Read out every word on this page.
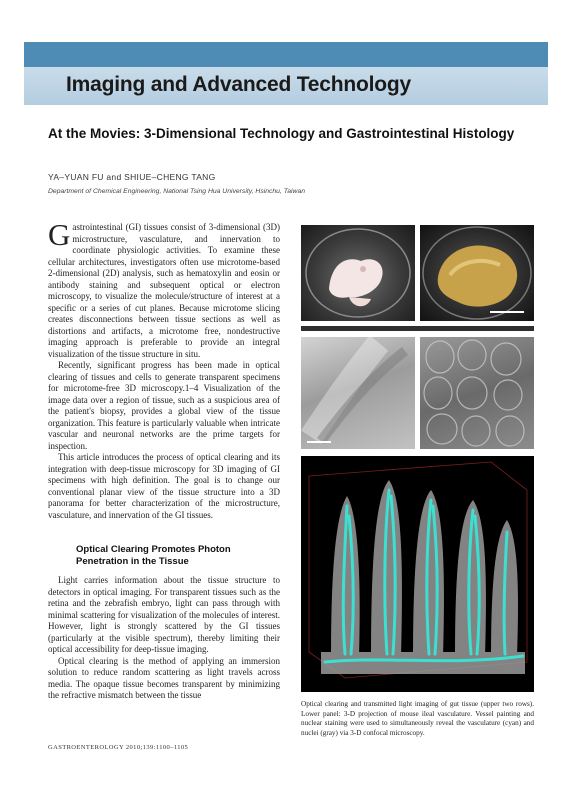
Imaging and Advanced Technology
At the Movies: 3-Dimensional Technology and Gastrointestinal Histology
YA–YUAN FU and SHIUE–CHENG TANG
Department of Chemical Engineering, National Tsing Hua University, Hsinchu, Taiwan

Gastrointestinal (GI) tissues consist of 3-dimensional (3D) microstructure, vasculature, and innervation to coordinate physiologic activities. To examine these cellular architectures, investigators often use microtome-based 2-dimensional (2D) analysis, such as hematoxylin and eosin or antibody staining and subsequent optical or electron microscopy, to visualize the molecule/structure of interest at a specific or a series of cut planes. Because microtome slicing creates disconnections between tissue sections as well as distortions and artifacts, a microtome free, nondestructive imaging approach is preferable to provide an integral visualization of the tissue structure in situ.

Recently, significant progress has been made in optical clearing of tissues and cells to generate transparent specimens for microtome-free 3D microscopy.1–4 Visualization of the image data over a region of tissue, such as a suspicious area of the patient's biopsy, provides a global view of the tissue organization. This feature is particularly valuable when intricate vascular and neuronal networks are the prime targets for inspection.

This article introduces the process of optical clearing and its integration with deep-tissue microscopy for 3D imaging of GI specimens with high definition. The goal is to change our conventional planar view of the tissue structure into a 3D panorama for better characterization of the microstructure, vasculature, and innervation of the GI tissues.

Optical Clearing Promotes Photon Penetration in the Tissue

Light carries information about the tissue structure to detectors in optical imaging. For transparent tissues such as the retina and the zebrafish embryo, light can pass through with minimal scattering for visualization of the molecules of interest. However, light is strongly scattered by the GI tissues (particularly at the visible spectrum), thereby limiting their optical accessibility for deep-tissue imaging.

Optical clearing is the method of applying an immersion solution to reduce random scattering as light travels across media. The opaque tissue becomes transparent by minimizing the refractive mismatch between the tissue

Optical clearing and transmitted light imaging of gut tissue (upper two rows). Lower panel: 3-D projection of mouse ileal vasculature. Vessel painting and nuclear staining were used to simultaneously reveal the vasculature (cyan) and nuclei (gray) via 3-D confocal microscopy.
GASTROENTEROLOGY 2010;139:1100–1105
